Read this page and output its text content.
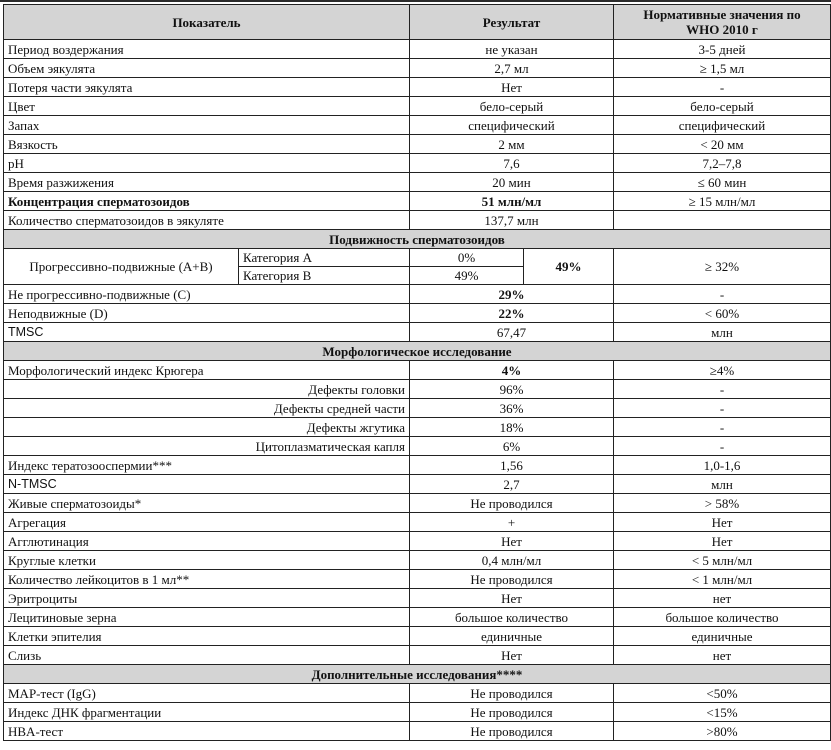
Показатель		Результат		Нормативные значения по
WHO 2010 г

Период воздержания		не указан		3-5 дней
Объем эякулята		2,7 мл		≥ 1,5 мл
Потеря части эякулята		Нет		-
Цвет		бело-серый		бело-серый
Запах		специфический		специфический
Вязкость		2 мм		< 20 мм
pH		7,6		7,2–7,8
Время разжижения		20 мин		≤ 60 мин
Концентрация сперматозоидов		51 млн/мл		≥ 15 млн/мл
Количество сперматозоидов в эякуляте		137,7 млн		
Подвижность сперматозоидов				
Прогрессивно-подвижные (А+В)	Категория А	0%	49%	≥ 32%
	Категория В	49%		
Не прогрессивно-подвижные (С)		29%		-
Неподвижные (D)		22%		< 60%
TMSC		67,47		млн
Морфологическое исследование				
Морфологический индекс Крюгера		4%		≥4%
Дефекты головки		96%		-
Дефекты средней части		36%		-
Дефекты жгутика		18%		-
Цитоплазматическая капля		6%		-
Индекс тератозооспермии***		1,56		1,0-1,6
N-TMSC		2,7		млн
Живые сперматозоиды*		Не проводился		> 58%
Агрегация		+		Нет
Агглютинация		Нет		Нет
Круглые клетки		0,4 млн/мл		< 5 млн/мл
Количество лейкоцитов в 1 мл**		Не проводился		< 1 млн/мл
Эритроциты		Нет		нет
Лецитиновые зерна		большое количество		большое количество
Клетки эпителия		единичные		единичные
Слизь		Нет		нет
Дополнительные исследования****				
MAP-тест (IgG)		Не проводился		<50%
Индекс ДНК фрагментации		Не проводился		<15%
HBA-тест		Не проводился		>80%
